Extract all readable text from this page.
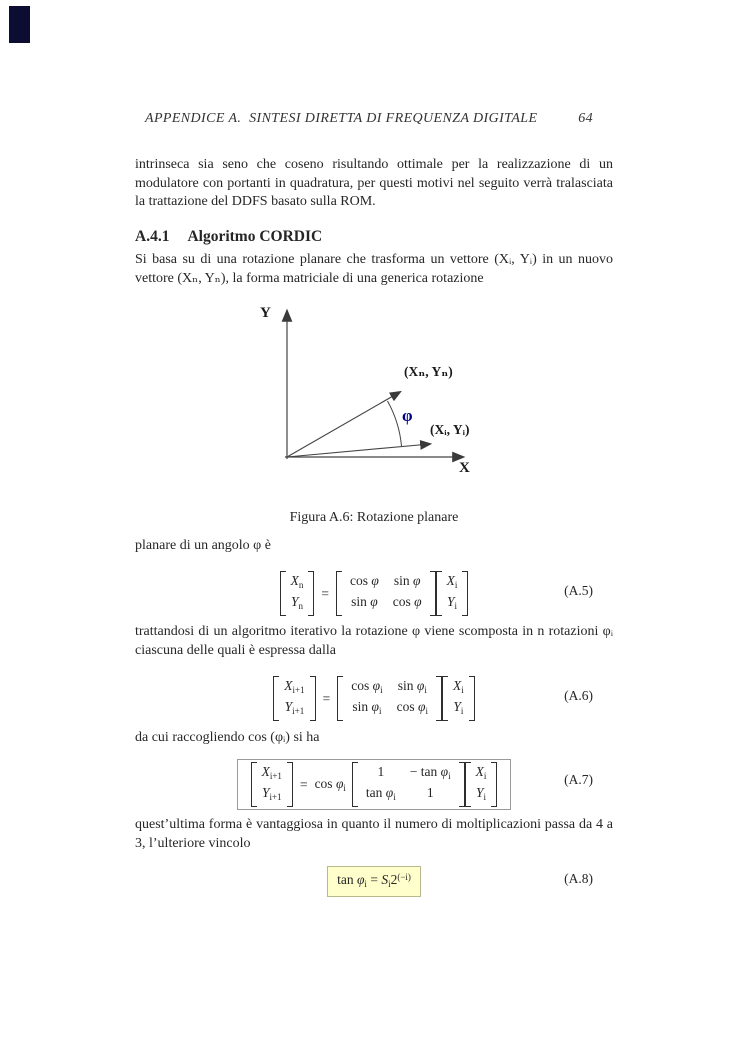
APPENDICE A.  SINTESI DIRETTA DI FREQUENZA DIGITALE	64
intrinseca sia seno che coseno risultando ottimale per la realizzazione di un modulatore con portanti in quadratura, per questi motivi nel seguito verrà tralasciata la trattazione del DDFS basato sulla ROM.
A.4.1 Algoritmo CORDIC
Si basa su di una rotazione planare che trasforma un vettore (Xᵢ, Yᵢ) in un nuovo vettore (Xₙ, Yₙ), la forma matriciale di una generica rotazione
Y
X
(Xₙ, Yₙ)
(Xᵢ, Yᵢ)
φ
Figura A.6: Rotazione planare
planare di un angolo φ è
$X_n$
$Y_n$
=
cos φ sin φ
sin φ cos φ
$X_i$
$Y_i$
(A.5)
trattandosi di un algoritmo iterativo la rotazione φ viene scomposta in n rotazioni φᵢ ciascuna delle quali è espressa dalla
$X_{i+1}$
$Y_{i+1}$
=
$\cos \varphi_i$ $\sin \varphi_i$
$\sin \varphi_i$ $\cos \varphi_i$
$X_i$
$Y_i$
(A.6)
da cui raccogliendo cos (φᵢ) si ha
$X_{i+1}$
$Y_{i+1}$
= $\cos \varphi_i$
$1 - \tan \varphi_i$
$\tan \varphi_i$ 1
$X_i$
$Y_i$
(A.7)
quest’ultima forma è vantaggiosa in quanto il numero di moltiplicazioni passa da 4 a 3, l’ulteriore vincolo
$\tan \varphi_i = S_i2^{(-i)}$	(A.8)
